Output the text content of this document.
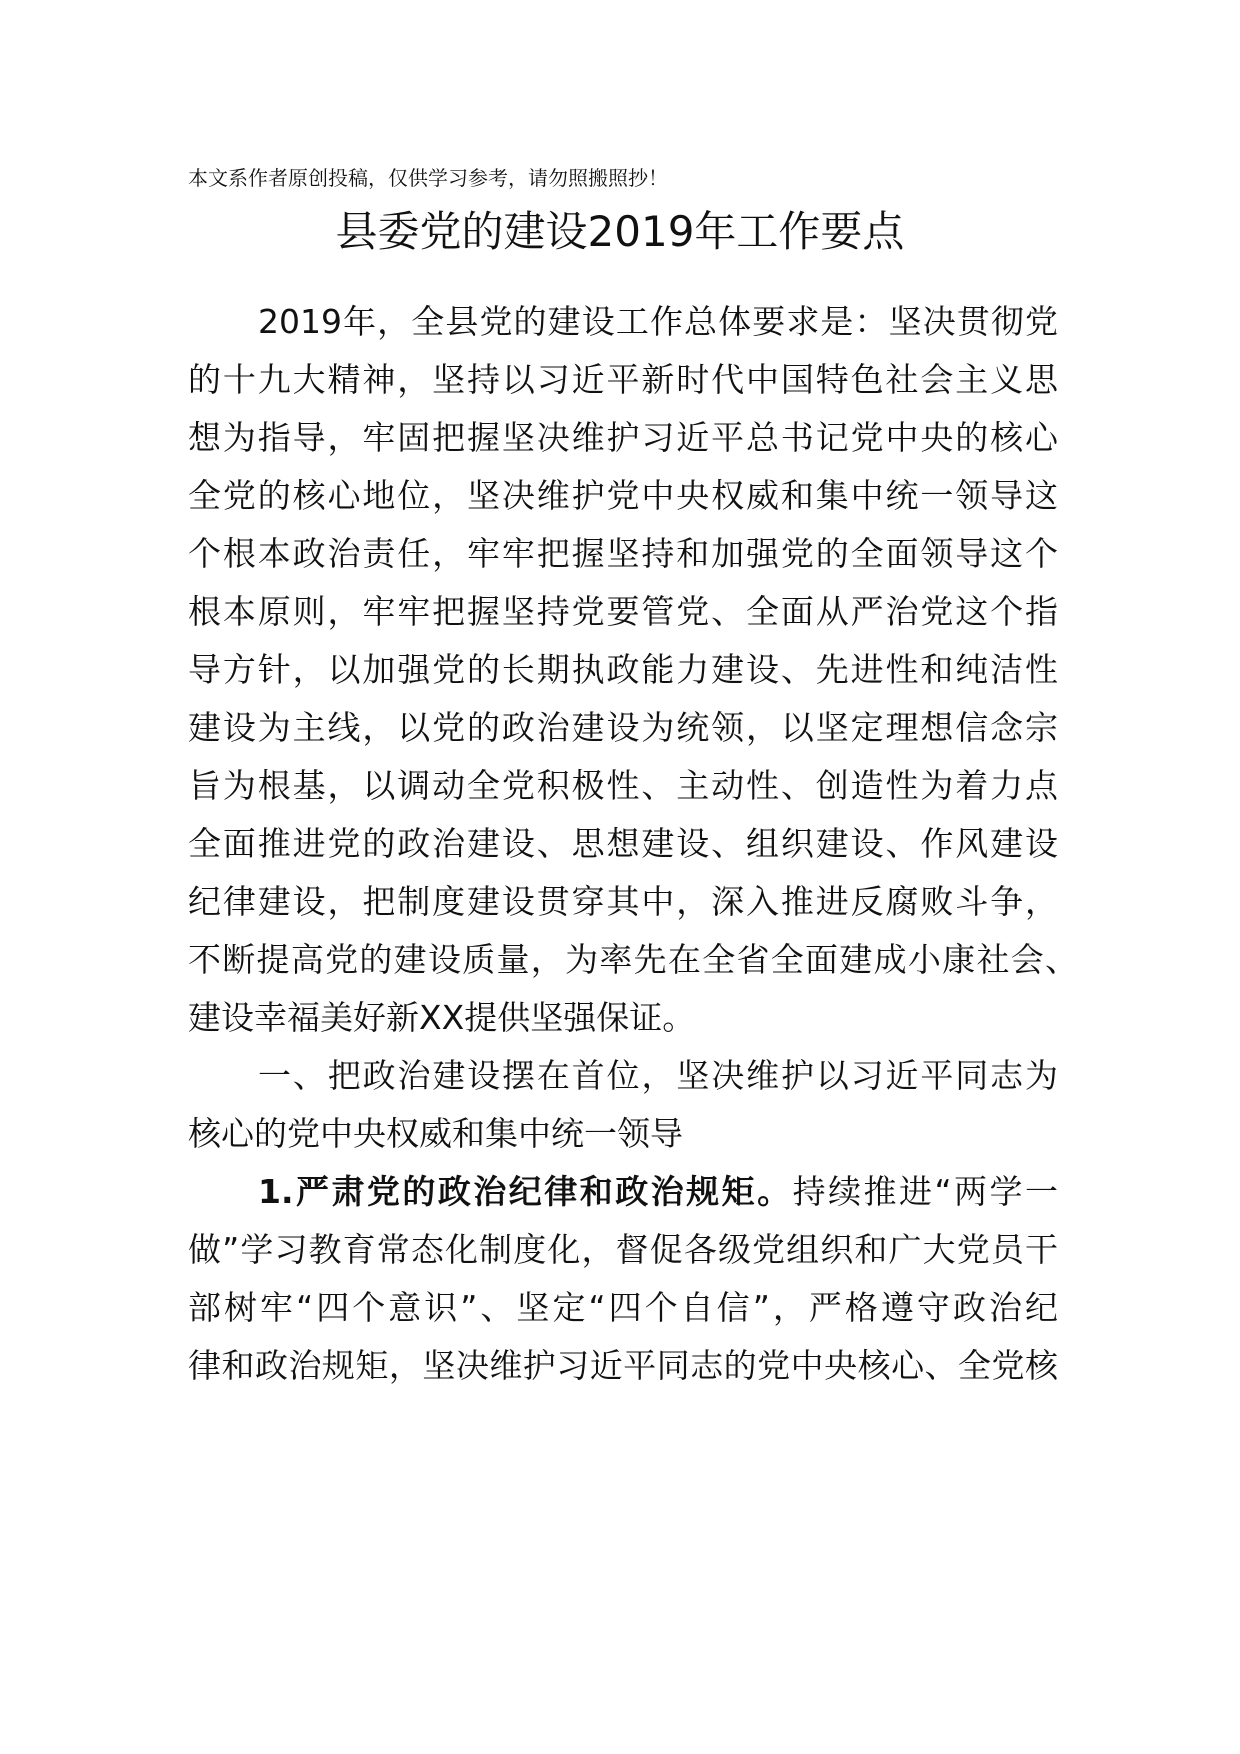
本文系作者原创投稿，仅供学习参考，请勿照搬照抄！
县委党的建设2019年工作要点
2019年，全县党的建设工作总体要求是：坚决贯彻党
的十九大精神，坚持以习近平新时代中国特色社会主义思
想为指导，牢固把握坚决维护习近平总书记党中央的核心
全党的核心地位，坚决维护党中央权威和集中统一领导这
个根本政治责任，牢牢把握坚持和加强党的全面领导这个
根本原则，牢牢把握坚持党要管党、全面从严治党这个指
导方针，以加强党的长期执政能力建设、先进性和纯洁性
建设为主线，以党的政治建设为统领，以坚定理想信念宗
旨为根基，以调动全党积极性、主动性、创造性为着力点
全面推进党的政治建设、思想建设、组织建设、作风建设
纪律建设，把制度建设贯穿其中，深入推进反腐败斗争，
不断提高党的建设质量，为率先在全省全面建成小康社会、
建设幸福美好新XX提供坚强保证。
一、把政治建设摆在首位，坚决维护以习近平同志为
核心的党中央权威和集中统一领导
1.严肃党的政治纪律和政治规矩。持续推进“两学一
做”学习教育常态化制度化，督促各级党组织和广大党员干
部树牢“四个意识”、坚定“四个自信”，严格遵守政治纪
律和政治规矩，坚决维护习近平同志的党中央核心、全党核
